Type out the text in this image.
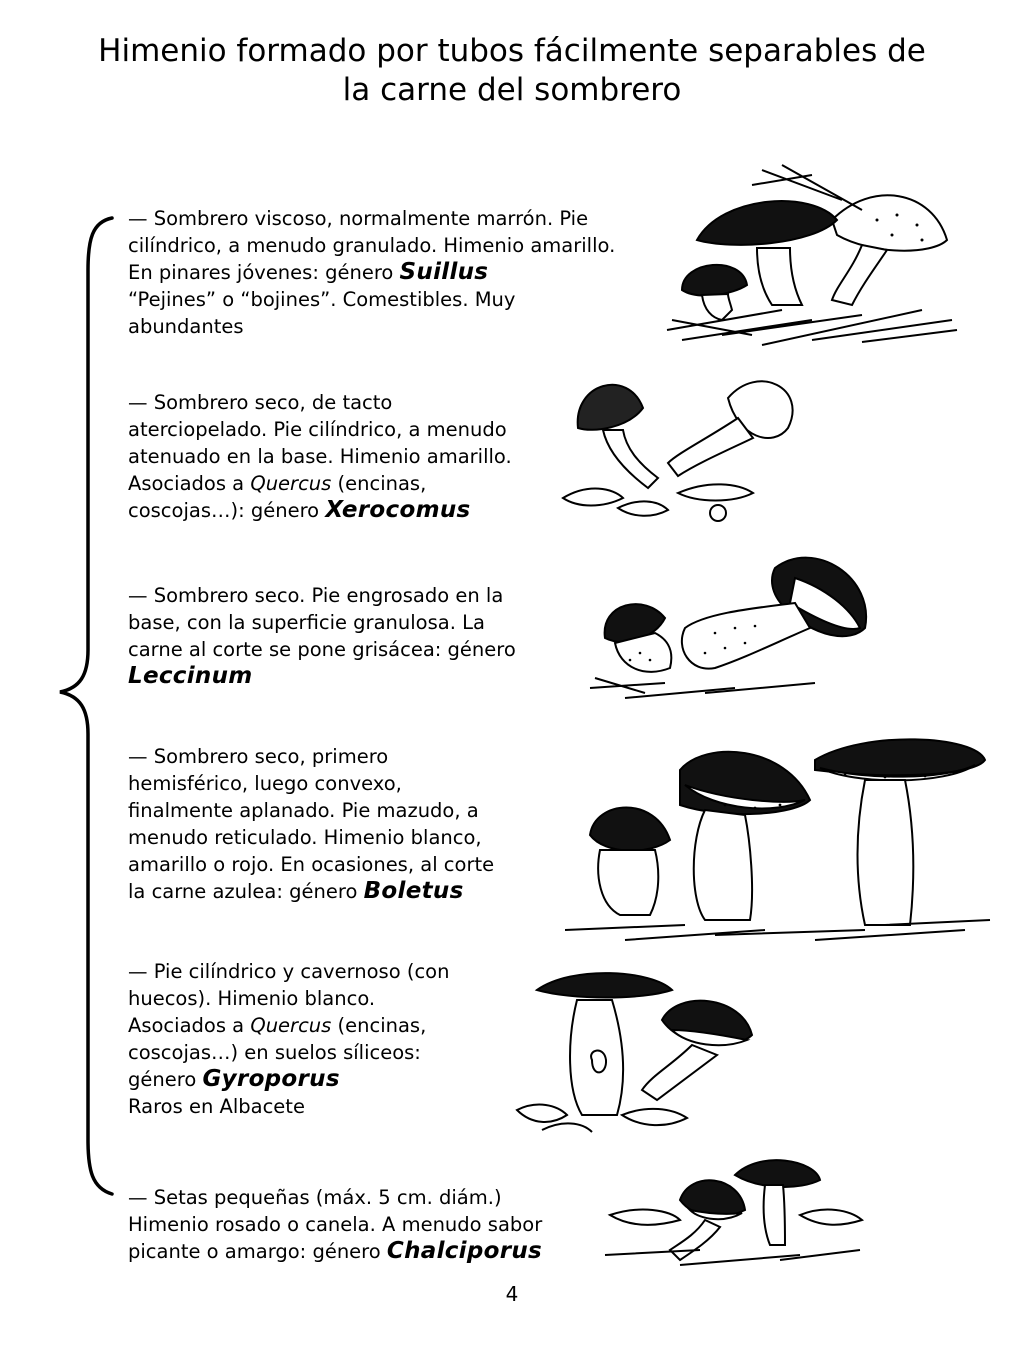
Himenio formado por tubos fácilmente separables de
la carne del sombrero

— Sombrero viscoso, normalmente marrón. Pie

cilíndrico, a menudo granulado. Himenio amarillo.

En pinares jóvenes: género Suillus

“Pejines” o “bojines”. Comestibles. Muy

abundantes

— Sombrero seco, de tacto

aterciopelado. Pie cilíndrico, a menudo

atenuado en la base. Himenio amarillo.

Asociados a Quercus (encinas,

coscojas…): género Xerocomus

— Sombrero seco. Pie engrosado en la

base, con la superficie granulosa. La

carne al corte se pone grisácea: género

Leccinum

— Sombrero seco, primero

hemisférico, luego convexo,

finalmente aplanado. Pie mazudo, a

menudo reticulado. Himenio blanco,

amarillo o rojo. En ocasiones, al corte

la carne azulea: género Boletus

— Pie cilíndrico y cavernoso (con

huecos). Himenio blanco.

Asociados a Quercus (encinas,

coscojas…) en suelos síliceos:

género Gyroporus

Raros en Albacete

— Setas pequeñas (máx. 5 cm. diám.)

Himenio rosado o canela. A menudo sabor

picante o amargo: género Chalciporus

4
